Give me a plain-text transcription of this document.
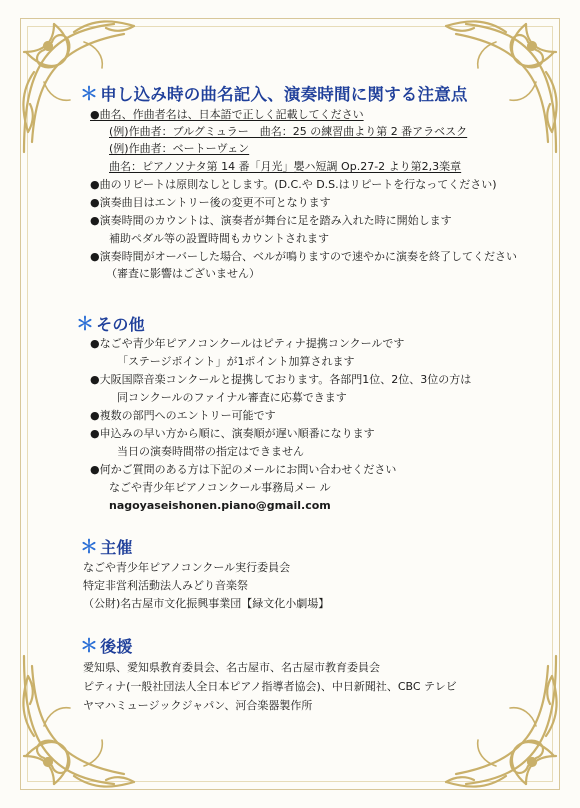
＊ 申し込み時の曲名記入、演奏時間に関する注意点
●曲名、作曲者名は、日本語で正しく記載してください
(例)作曲者：ブルグミュラー　曲名：25 の練習曲より第 2 番アラベスク
(例)作曲者：ベートーヴェン
曲名：ピアノソナタ第 14 番「月光」嬰ハ短調 Op.27-2 より第2,3楽章
●曲のリピートは原則なしとします。(D.C.や D.S.はリピートを行なってください)
●演奏曲目はエントリー後の変更不可となります
●演奏時間のカウントは、演奏者が舞台に足を踏み入れた時に開始します
補助ペダル等の設置時間もカウントされます
●演奏時間がオーバーした場合、ベルが鳴りますので速やかに演奏を終了してください
（審査に影響はございません）
＊ その他
●なごや青少年ピアノコンクールはピティナ提携コンクールです
「ステージポイント」が1ポイント加算されます
●大阪国際音楽コンクールと提携しております。各部門1位、2位、3位の方は
同コンクールのファイナル審査に応募できます
●複数の部門へのエントリー可能です
●申込みの早い方から順に、演奏順が遅い順番になります
当日の演奏時間帯の指定はできません
●何かご質問のある方は下記のメールにお問い合わせください
なごや青少年ピアノコンクール事務局メー ル
nagoyaseishonen.piano@gmail.com
＊ 主催
なごや青少年ピアノコンクール実行委員会
特定非営利活動法人みどり音楽祭
（公財)名古屋市文化振興事業団【緑文化小劇場】
＊ 後援
愛知県、愛知県教育委員会、名古屋市、名古屋市教育委員会
ピティナ(一般社団法人全日本ピアノ指導者協会)、中日新聞社、CBC テレビ
ヤマハミュージックジャパン、河合楽器製作所
